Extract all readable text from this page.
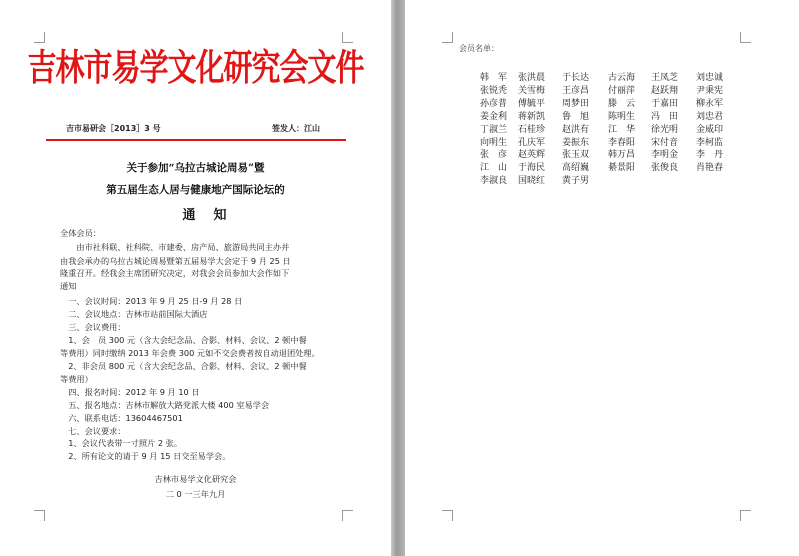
吉林市易学文化研究会文件
吉市易研会［2013］3 号	签发人：江山
关于参加“乌拉古城论周易”暨
第五届生态人居与健康地产国际论坛的
通知
全体会员：
　　由市社科联、社科院、市建委、房产局、旅游局共同主办并
由我会承办的乌拉古城论周易暨第五届易学大会定于 9 月 25 日
隆重召开。经我会主席团研究决定，对我会会员参加大会作如下
通知
　一、会议时间：2013 年 9 月 25 日-9 月 28 日
　二、会议地点：吉林市站前国际大酒店
　三、会议费用：
　1、会　员 300 元（含大会纪念品、合影、材料、会议、2 顿中餐
等费用）同时缴纳 2013 年会费 300 元如不交会费者按自动退团处理。
　2、非会员 800 元（含大会纪念品、合影、材料、会议、2 顿中餐
等费用）
　四、报名时间：2012 年 9 月 10 日
　五、报名地点：吉林市解放大路党派大楼 400 室易学会
　六、联系电话：13604467501
　七、会议要求：
　1、会议代表带一寸照片 2 张。
　2、所有论文的请于 9 月 15 日交至易学会。
吉林市易学文化研究会
二 0 一三年九月
会员名单：
韩　军 张洪晨 于长达 古云海 王凤芝 刘忠诚
张锐秃 关雪梅 王彦昌 付丽萍 赵跃翔 尹秉宪
孙彦普 傅毓平 周梦田 滕　云 于嘉田 柳永军
姜金利 蒋新凯 鲁　旭 陈明生 冯　田 刘忠君
丁淑兰 石桂珍 赵洪有 江　华 徐光明 金威印
向明生 孔庆军 姜振东 李春阳 宋付音 李柯监
张　彦 赵英辉 张玉双 韩万昌 李明金 李　丹
江　山 于海民 高绍巍 綦景阳 张俊良 肖艳春
李淑良 国晓红 黄子男
